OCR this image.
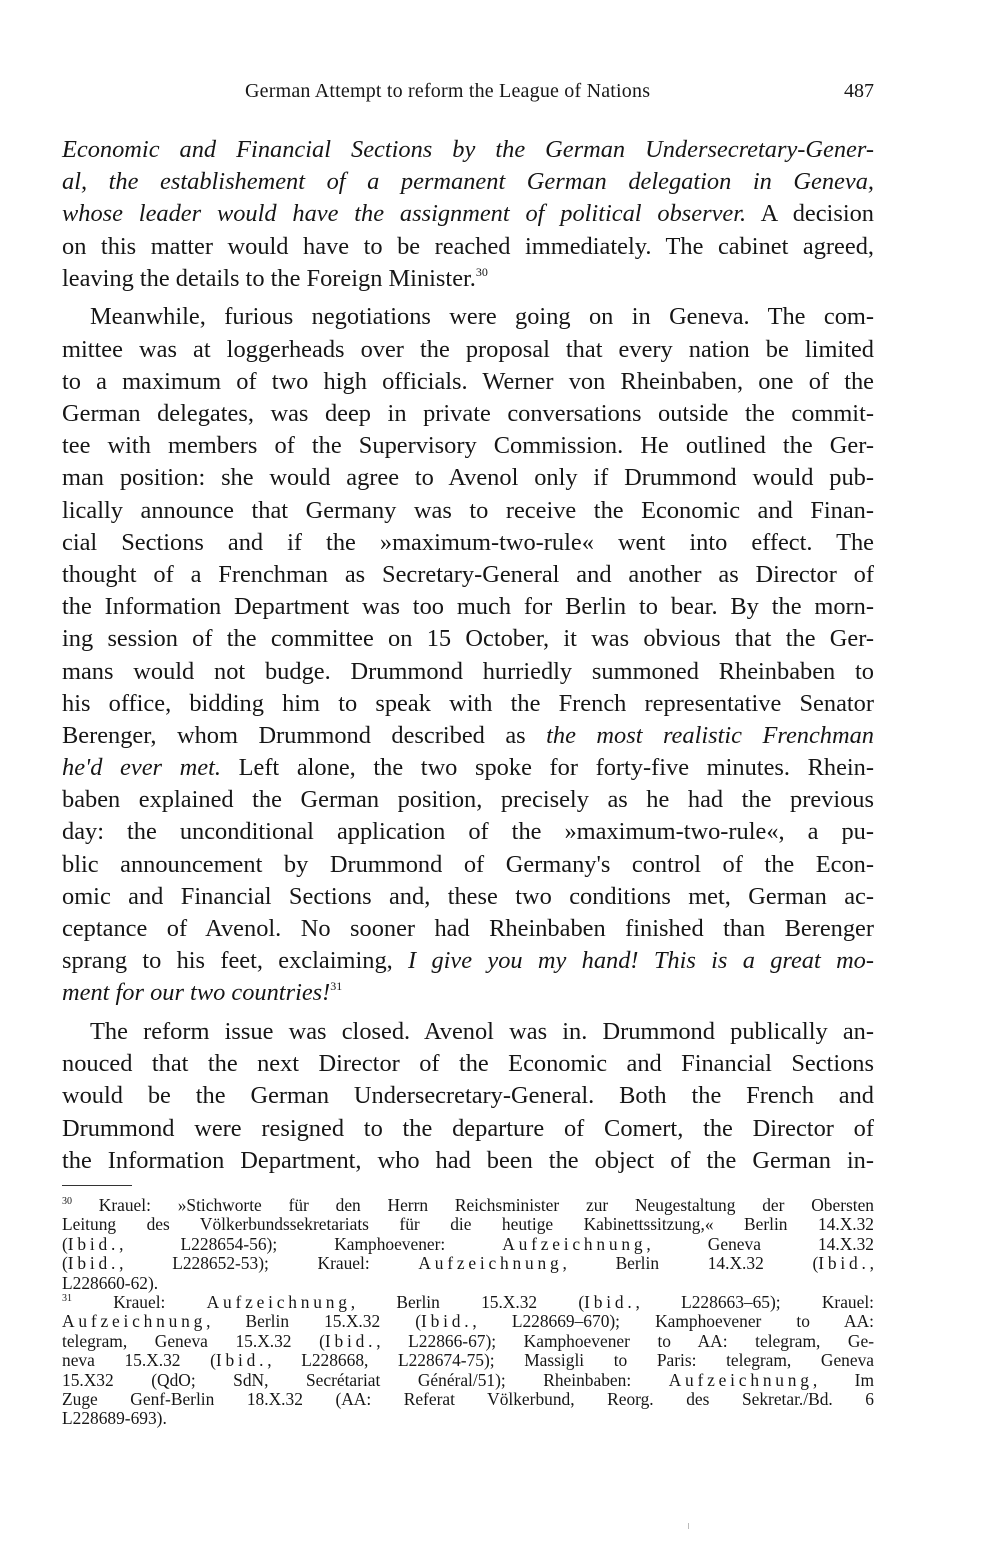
German Attempt to reform the League of Nations	487
Economic and Financial Sections by the German Undersecretary-Gener-
al, the establishement of a permanent German delegation in Geneva,
whose leader would have the assignment of political observer. A decision
on this matter would have to be reached immediately. The cabinet agreed,
leaving the details to the Foreign Minister.$^{30}$
Meanwhile, furious negotiations were going on in Geneva. The com-
mittee was at loggerheads over the proposal that every nation be limited
to a maximum of two high officials. Werner von Rheinbaben, one of the
German delegates, was deep in private conversations outside the commit-
tee with members of the Supervisory Commission. He outlined the Ger-
man position: she would agree to Avenol only if Drummond would pub-
lically announce that Germany was to receive the Economic and Finan-
cial Sections and if the »maximum-two-rule« went into effect. The
thought of a Frenchman as Secretary-General and another as Director of
the Information Department was too much for Berlin to bear. By the morn-
ing session of the committee on 15 October, it was obvious that the Ger-
mans would not budge. Drummond hurriedly summoned Rheinbaben to
his office, bidding him to speak with the French representative Senator
Berenger, whom Drummond described as the most realistic Frenchman
he'd ever met. Left alone, the two spoke for forty-five minutes. Rhein-
baben explained the German position, precisely as he had the previous
day: the unconditional application of the »maximum-two-rule«, a pu-
blic announcement by Drummond of Germany's control of the Econ-
omic and Financial Sections and, these two conditions met, German ac-
ceptance of Avenol. No sooner had Rheinbaben finished than Berenger
sprang to his feet, exclaiming, I give you my hand! This is a great mo-
ment for our two countries!$^{31}$
The reform issue was closed. Avenol was in. Drummond publically an-
nouced that the next Director of the Economic and Financial Sections
would be the German Undersecretary-General. Both the French and
Drummond were resigned to the departure of Comert, the Director of
the Information Department, who had been the object of the German in-
$^{30}$ Krauel: »Stichworte für den Herrn Reichsminister zur Neugestaltung der Obersten
Leitung des Völkerbundssekretariats für die heutige Kabinettssitzung,« Berlin 14.X.32
(Ibid., L228654-56); Kamphoevener: Aufzeichnung, Geneva 14.X.32
(Ibid., L228652-53); Krauel: Aufzeichnung, Berlin 14.X.32 (Ibid.,
L228660-62).
$^{31}$ Krauel: Aufzeichnung, Berlin 15.X.32 (Ibid., L228663–65); Krauel:
Aufzeichnung, Berlin 15.X.32 (Ibid., L228669–670); Kamphoevener to AA:
telegram, Geneva 15.X.32 (Ibid., L22866-67); Kamphoevener to AA: telegram, Ge-
neva 15.X.32 (Ibid., L228668, L228674-75); Massigli to Paris: telegram, Geneva
15.X32 (QdO; SdN, Secrétariat Général/51); Rheinbaben: Aufzeichnung, Im
Zuge Genf-Berlin 18.X.32 (AA: Referat Völkerbund, Reorg. des Sekretar./Bd. 6
L228689-693).
